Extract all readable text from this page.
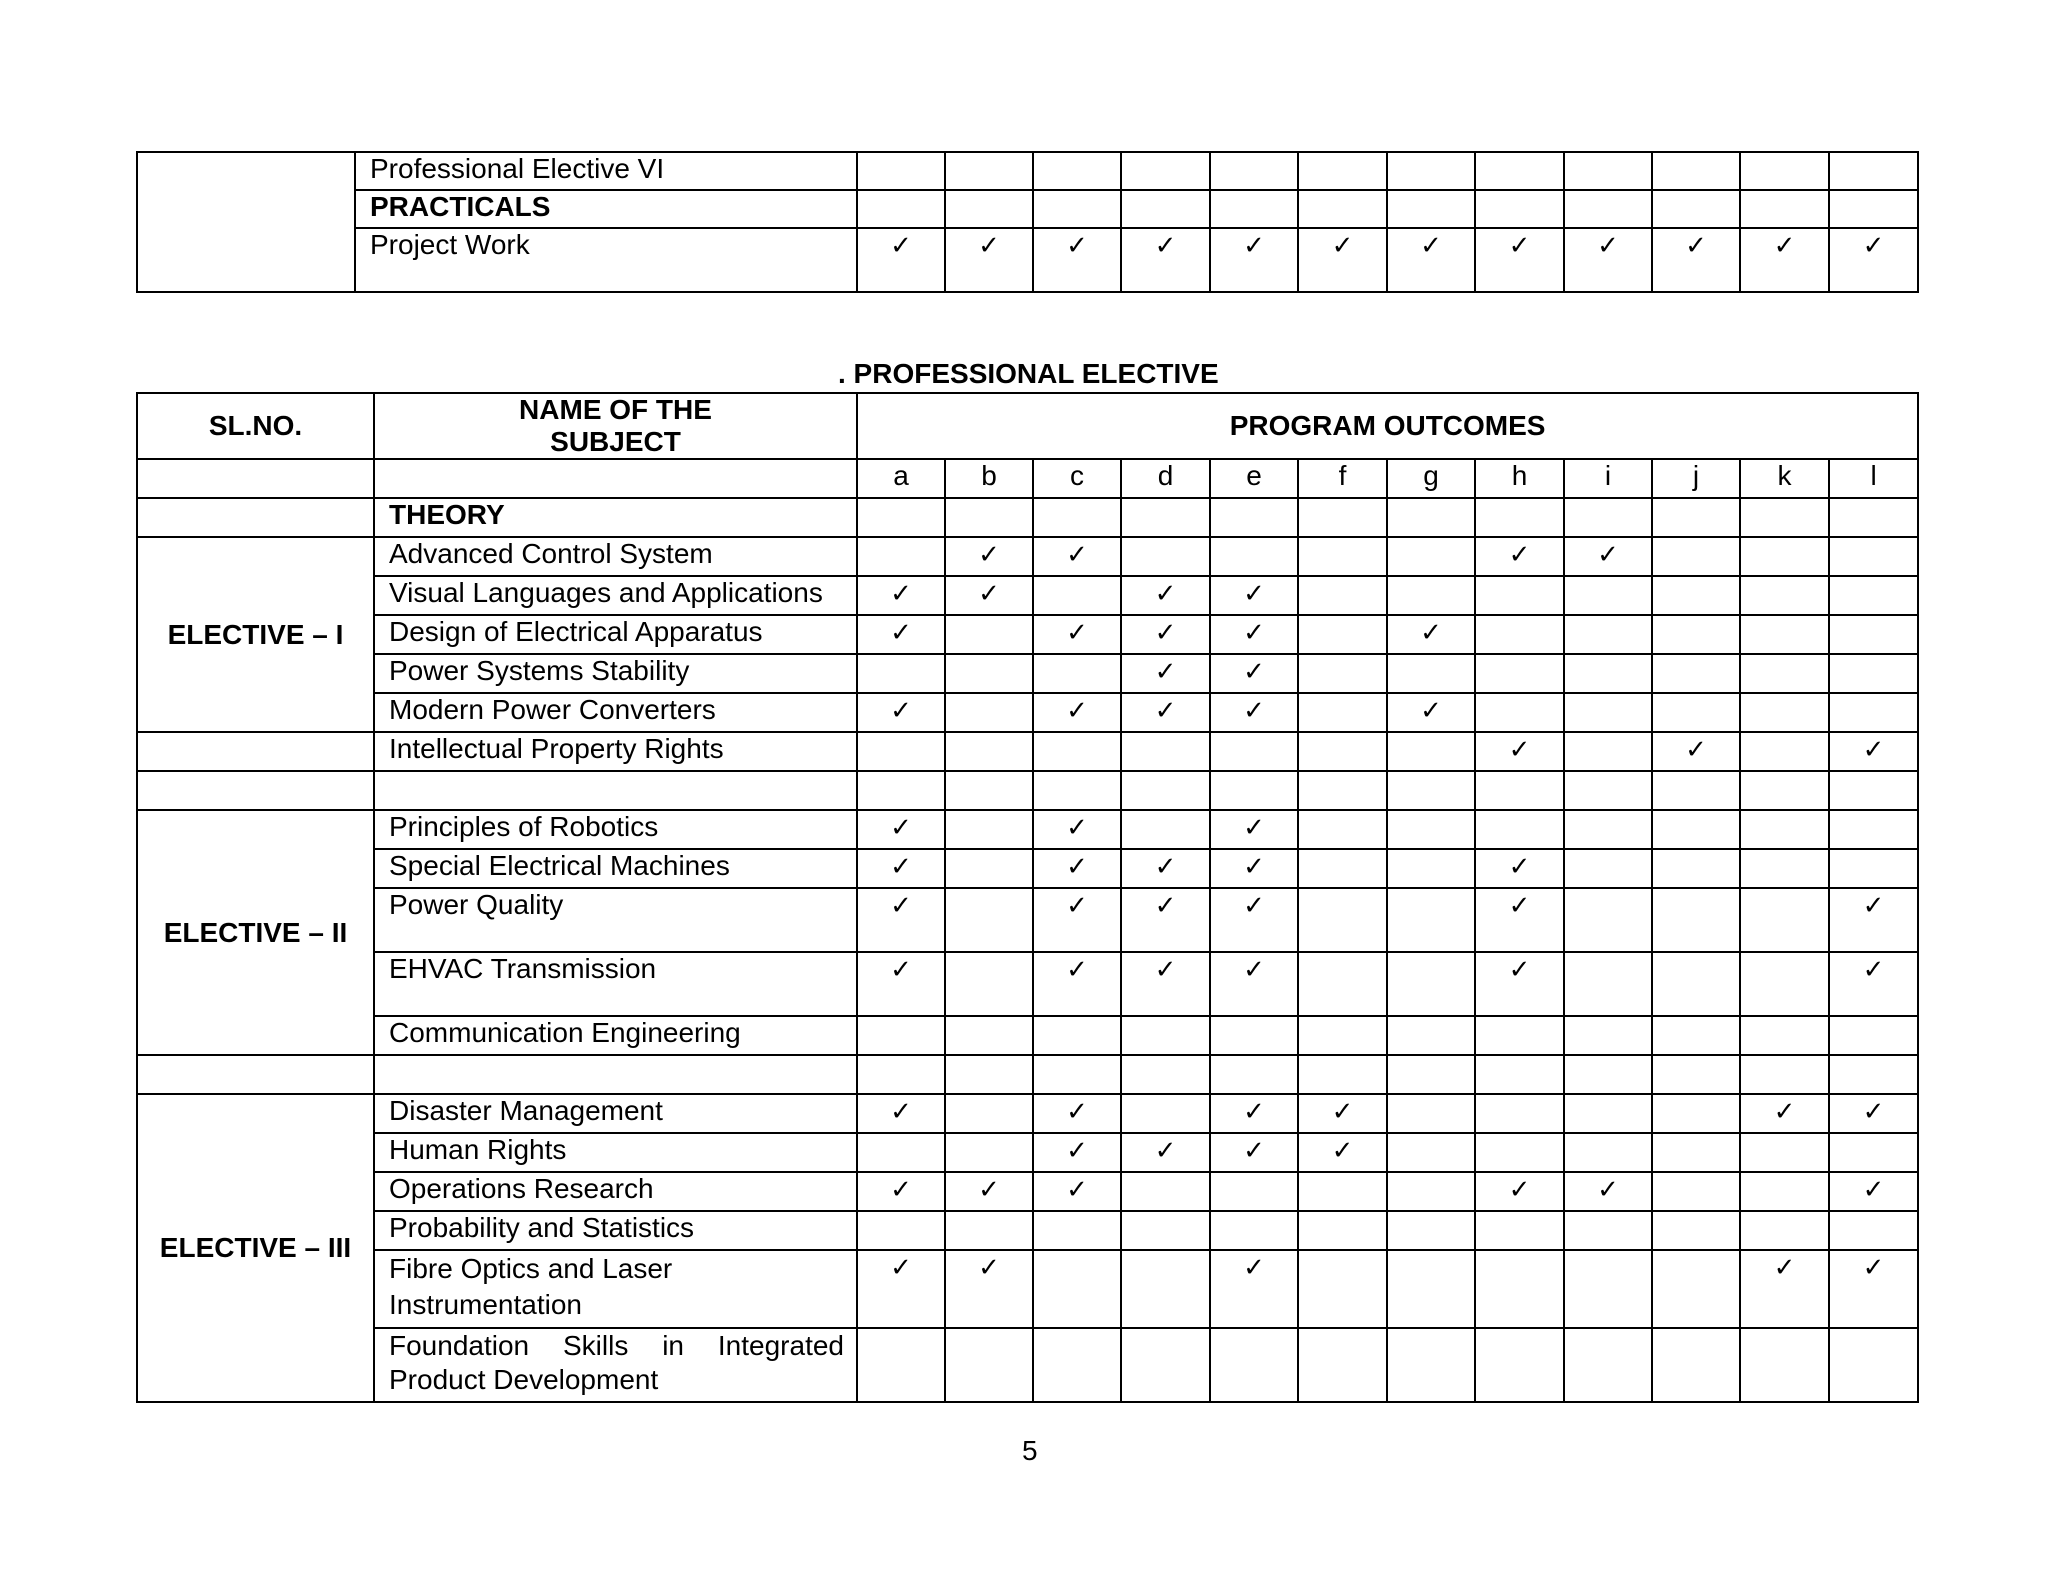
	Professional Elective VI												
	PRACTICALS												
	Project Work	✓	✓	✓	✓	✓	✓	✓	✓	✓	✓	✓	✓
. PROFESSIONAL ELECTIVE
SL.NO.	NAME OF THE SUBJECT	PROGRAM OUTCOMES											
		a	b	c	d	e	f	g	h	i	j	k	l
	THEORY												
ELECTIVE – I	Advanced Control System		✓	✓					✓	✓			
	Visual Languages and Applications	✓	✓		✓	✓							
	Design of Electrical Apparatus	✓		✓	✓	✓		✓					
	Power Systems Stability				✓	✓							
	Modern Power Converters	✓		✓	✓	✓		✓					
	Intellectual Property Rights								✓		✓		✓

ELECTIVE – II	Principles of Robotics	✓		✓		✓							
	Special Electrical Machines	✓		✓	✓	✓			✓				
	Power Quality	✓		✓	✓	✓			✓				✓
	EHVAC Transmission	✓		✓	✓	✓			✓				✓
	Communication Engineering												

ELECTIVE – III	Disaster Management	✓		✓		✓	✓					✓	✓
	Human Rights			✓	✓	✓	✓						
	Operations Research	✓	✓	✓					✓	✓			✓
	Probability and Statistics												
	Fibre Optics and Laser Instrumentation	✓	✓			✓						✓	✓
	Foundation Skills in Integrated Product Development												
5
